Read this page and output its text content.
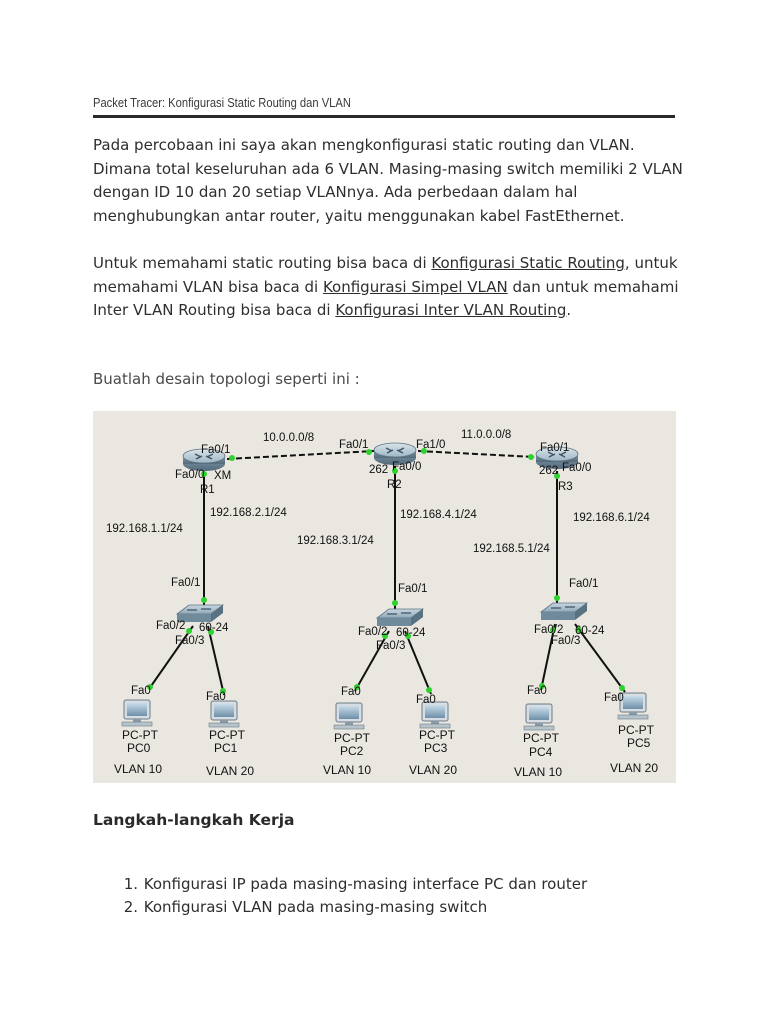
Packet Tracer: Konfigurasi Static Routing dan VLAN
Pada percobaan ini saya akan mengkonfigurasi static routing dan VLAN. Dimana total keseluruhan ada 6 VLAN. Masing-masing switch memiliki 2 VLAN dengan ID 10 dan 20 setiap VLANnya. Ada perbedaan dalam hal menghubungkan antar router, yaitu menggunakan kabel FastEthernet.
Untuk memahami static routing bisa baca di Konfigurasi Static Routing, untuk memahami VLAN bisa baca di Konfigurasi Simpel VLAN dan untuk memahami Inter VLAN Routing bisa baca di Konfigurasi Inter VLAN Routing.
Buatlah desain topologi seperti ini :
10.0.0.0/8	11.0.0.0/8
Fa0/1	Fa0/1	Fa1/0	Fa0/1
Fa0/0 XM
R1
262 Fa0/0
R2
262 Fa0/0
R3
192.168.1.1/24
192.168.2.1/24
192.168.3.1/24
192.168.4.1/24
192.168.5.1/24
192.168.6.1/24
Fa0/1
Fa0/2 60-24
Fa0/3
Fa0/1
Fa0/2 60-24
Fa0/3
Fa0/1
Fa0/2 60-24
Fa0/3
Fa0	Fa0	Fa0
Fa0
Fa0
Fa0
PC-PT
PC0
VLAN 10
PC-PT
PC1
VLAN 20
PC-PT
PC2
VLAN 10
PC-PT
PC3
VLAN 20
PC-PT
PC4
VLAN 10
PC-PT
PC5
VLAN 20
Langkah-langkah Kerja
1. Konfigurasi IP pada masing-masing interface PC dan router
2. Konfigurasi VLAN pada masing-masing switch
